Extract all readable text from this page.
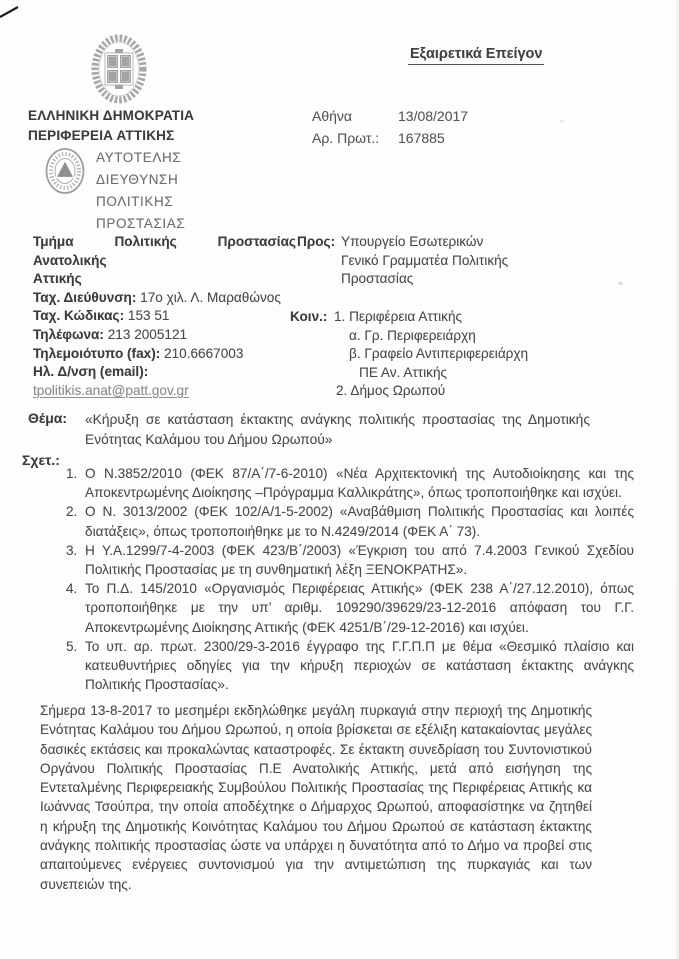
Εξαιρετικά Επείγον
ΕΛΛΗΝΙΚΗ ΔΗΜΟΚΡΑΤΙΑ
ΠΕΡΙΦΕΡΕΙΑ ΑΤΤΙΚΗΣ
ΑΥΤΟΤΕΛΗΣ
ΔΙΕΥΘΥΝΣΗ
ΠΟΛΙΤΙΚΗΣ
ΠΡΟΣΤΑΣΙΑΣ
Αθήνα	13/08/2017
Αρ. Πρωτ.:	167885
Τμήμα Πολιτικής Προστασίας Ανατολικής
Αττικής
Ταχ. Διεύθυνση: 17ο χιλ. Λ. Μαραθώνος
Ταχ. Κώδικας: 153 51
Τηλέφωνα: 213 2005121
Τηλεμοιότυπο (fax): 210.6667003
Ηλ. Δ/νση (email): tpolitikis.anat@patt.gov.gr
Προς: Υπουργείο Εσωτερικών
Γενικό Γραμματέα Πολιτικής
Προστασίας
Κοιν.: 1. Περιφέρεια Αττικής
α. Γρ. Περιφερειάρχη
β. Γραφείο Αντιπεριφερειάρχη
ΠΕ Αν. Αττικής
2. Δήμος Ωρωπού
Θέμα: «Κήρυξη σε κατάσταση έκτακτης ανάγκης πολιτικής προστασίας της Δημοτικής Ενότητας Καλάμου του Δήμου Ωρωπού»
Σχετ.:
1. Ο Ν.3852/2010 (ΦΕΚ 87/Α΄/7-6-2010) «Νέα Αρχιτεκτονική της Αυτοδιοίκησης και της Αποκεντρωμένης Διοίκησης –Πρόγραμμα Καλλικράτης», όπως τροποποιήθηκε και ισχύει.
2. Ο Ν. 3013/2002 (ΦΕΚ 102/Α/1-5-2002) «Αναβάθμιση Πολιτικής Προστασίας και λοιπές διατάξεις», όπως τροποποιήθηκε με το Ν.4249/2014 (ΦΕΚ Α΄ 73).
3. Η Υ.Α.1299/7-4-2003 (ΦΕΚ 423/Β΄/2003) «Έγκριση του από 7.4.2003 Γενικού Σχεδίου Πολιτικής Προστασίας με τη συνθηματική λέξη ΞΕΝΟΚΡΑΤΗΣ».
4. Το Π.Δ. 145/2010 «Οργανισμός Περιφέρειας Αττικής» (ΦΕΚ 238 Α΄/27.12.2010), όπως τροποποιήθηκε με την υπ’ αριθμ. 109290/39629/23-12-2016 απόφαση του Γ.Γ. Αποκεντρωμένης Διοίκησης Αττικής (ΦΕΚ 4251/Β΄/29-12-2016) και ισχύει.
5. Το υπ. αρ. πρωτ. 2300/29-3-2016 έγγραφο της Γ.Γ.Π.Π με θέμα «Θεσμικό πλαίσιο και κατευθυντήριες οδηγίες για την κήρυξη περιοχών σε κατάσταση έκτακτης ανάγκης Πολιτικής Προστασίας».
Σήμερα 13-8-2017 το μεσημέρι εκδηλώθηκε μεγάλη πυρκαγιά στην περιοχή της Δημοτικής Ενότητας Καλάμου του Δήμου Ωρωπού, η οποία βρίσκεται σε εξέλιξη κατακαίοντας μεγάλες δασικές εκτάσεις και προκαλώντας καταστροφές. Σε έκτακτη συνεδρίαση του Συντονιστικού Οργάνου Πολιτικής Προστασίας Π.Ε Ανατολικής Αττικής, μετά από εισήγηση της Εντεταλμένης Περιφερειακής Συμβούλου Πολιτικής Προστασίας της Περιφέρειας Αττικής κα Ιωάννας Τσούπρα, την οποία αποδέχτηκε ο Δήμαρχος Ωρωπού, αποφασίστηκε να ζητηθεί η κήρυξη της Δημοτικής Κοινότητας Καλάμου του Δήμου Ωρωπού σε κατάσταση έκτακτης ανάγκης πολιτικής προστασίας ώστε να υπάρχει η δυνατότητα από το Δήμο να προβεί στις απαιτούμενες ενέργειες συντονισμού για την αντιμετώπιση της πυρκαγιάς και των συνεπειών της.
